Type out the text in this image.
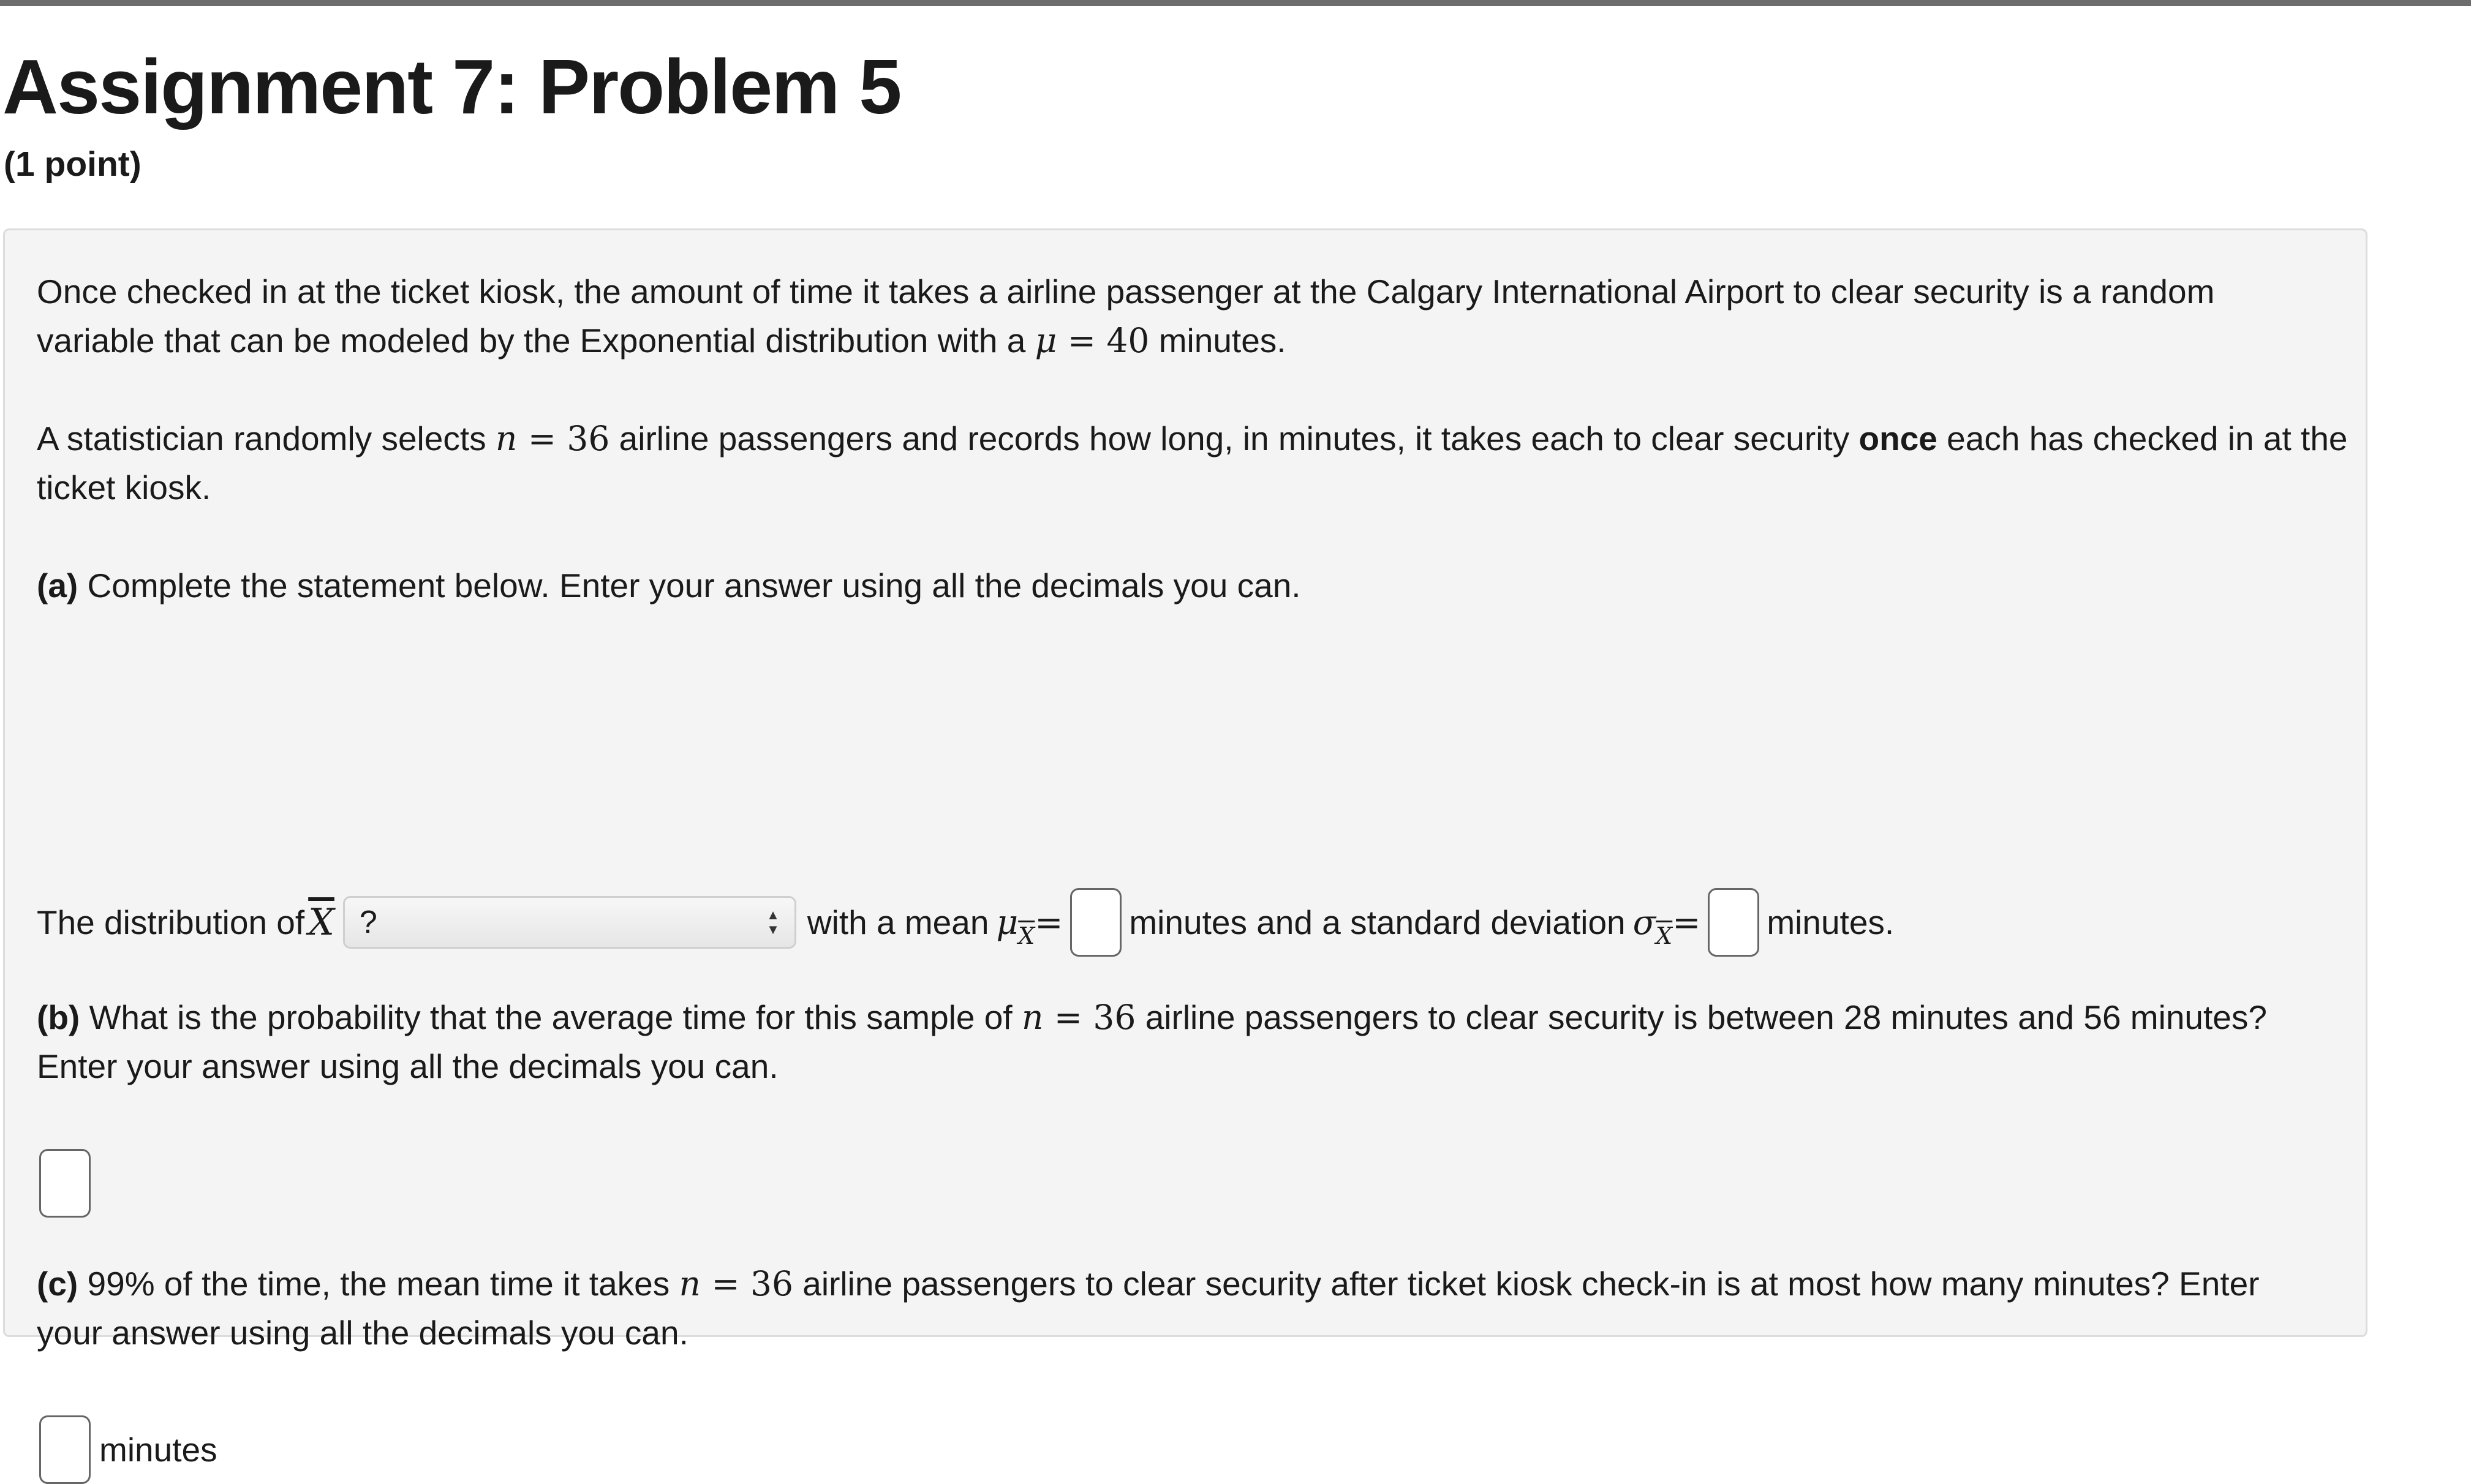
Assignment 7: Problem 5
(1 point)
Once checked in at the ticket kiosk, the amount of time it takes a airline passenger at the Calgary International Airport to clear security is a random variable that can be modeled by the Exponential distribution with a μ = 40 minutes.
A statistician randomly selects n = 36 airline passengers and records how long, in minutes, it takes each to clear security once each has checked in at the ticket kiosk.
(a) Complete the statement below. Enter your answer using all the decimals you can.
The distribution of $\overline{X}$ ?	▲
▼ with a mean μ $\overline{X}$ = minutes and a standard deviation σ $\overline{X}$ = minutes.
(b) What is the probability that the average time for this sample of n = 36 airline passengers to clear security is between 28 minutes and 56 minutes? Enter your answer using all the decimals you can.
(c) 99% of the time, the mean time it takes n = 36 airline passengers to clear security after ticket kiosk check-in is at most how many minutes? Enter your answer using all the decimals you can.
minutes
